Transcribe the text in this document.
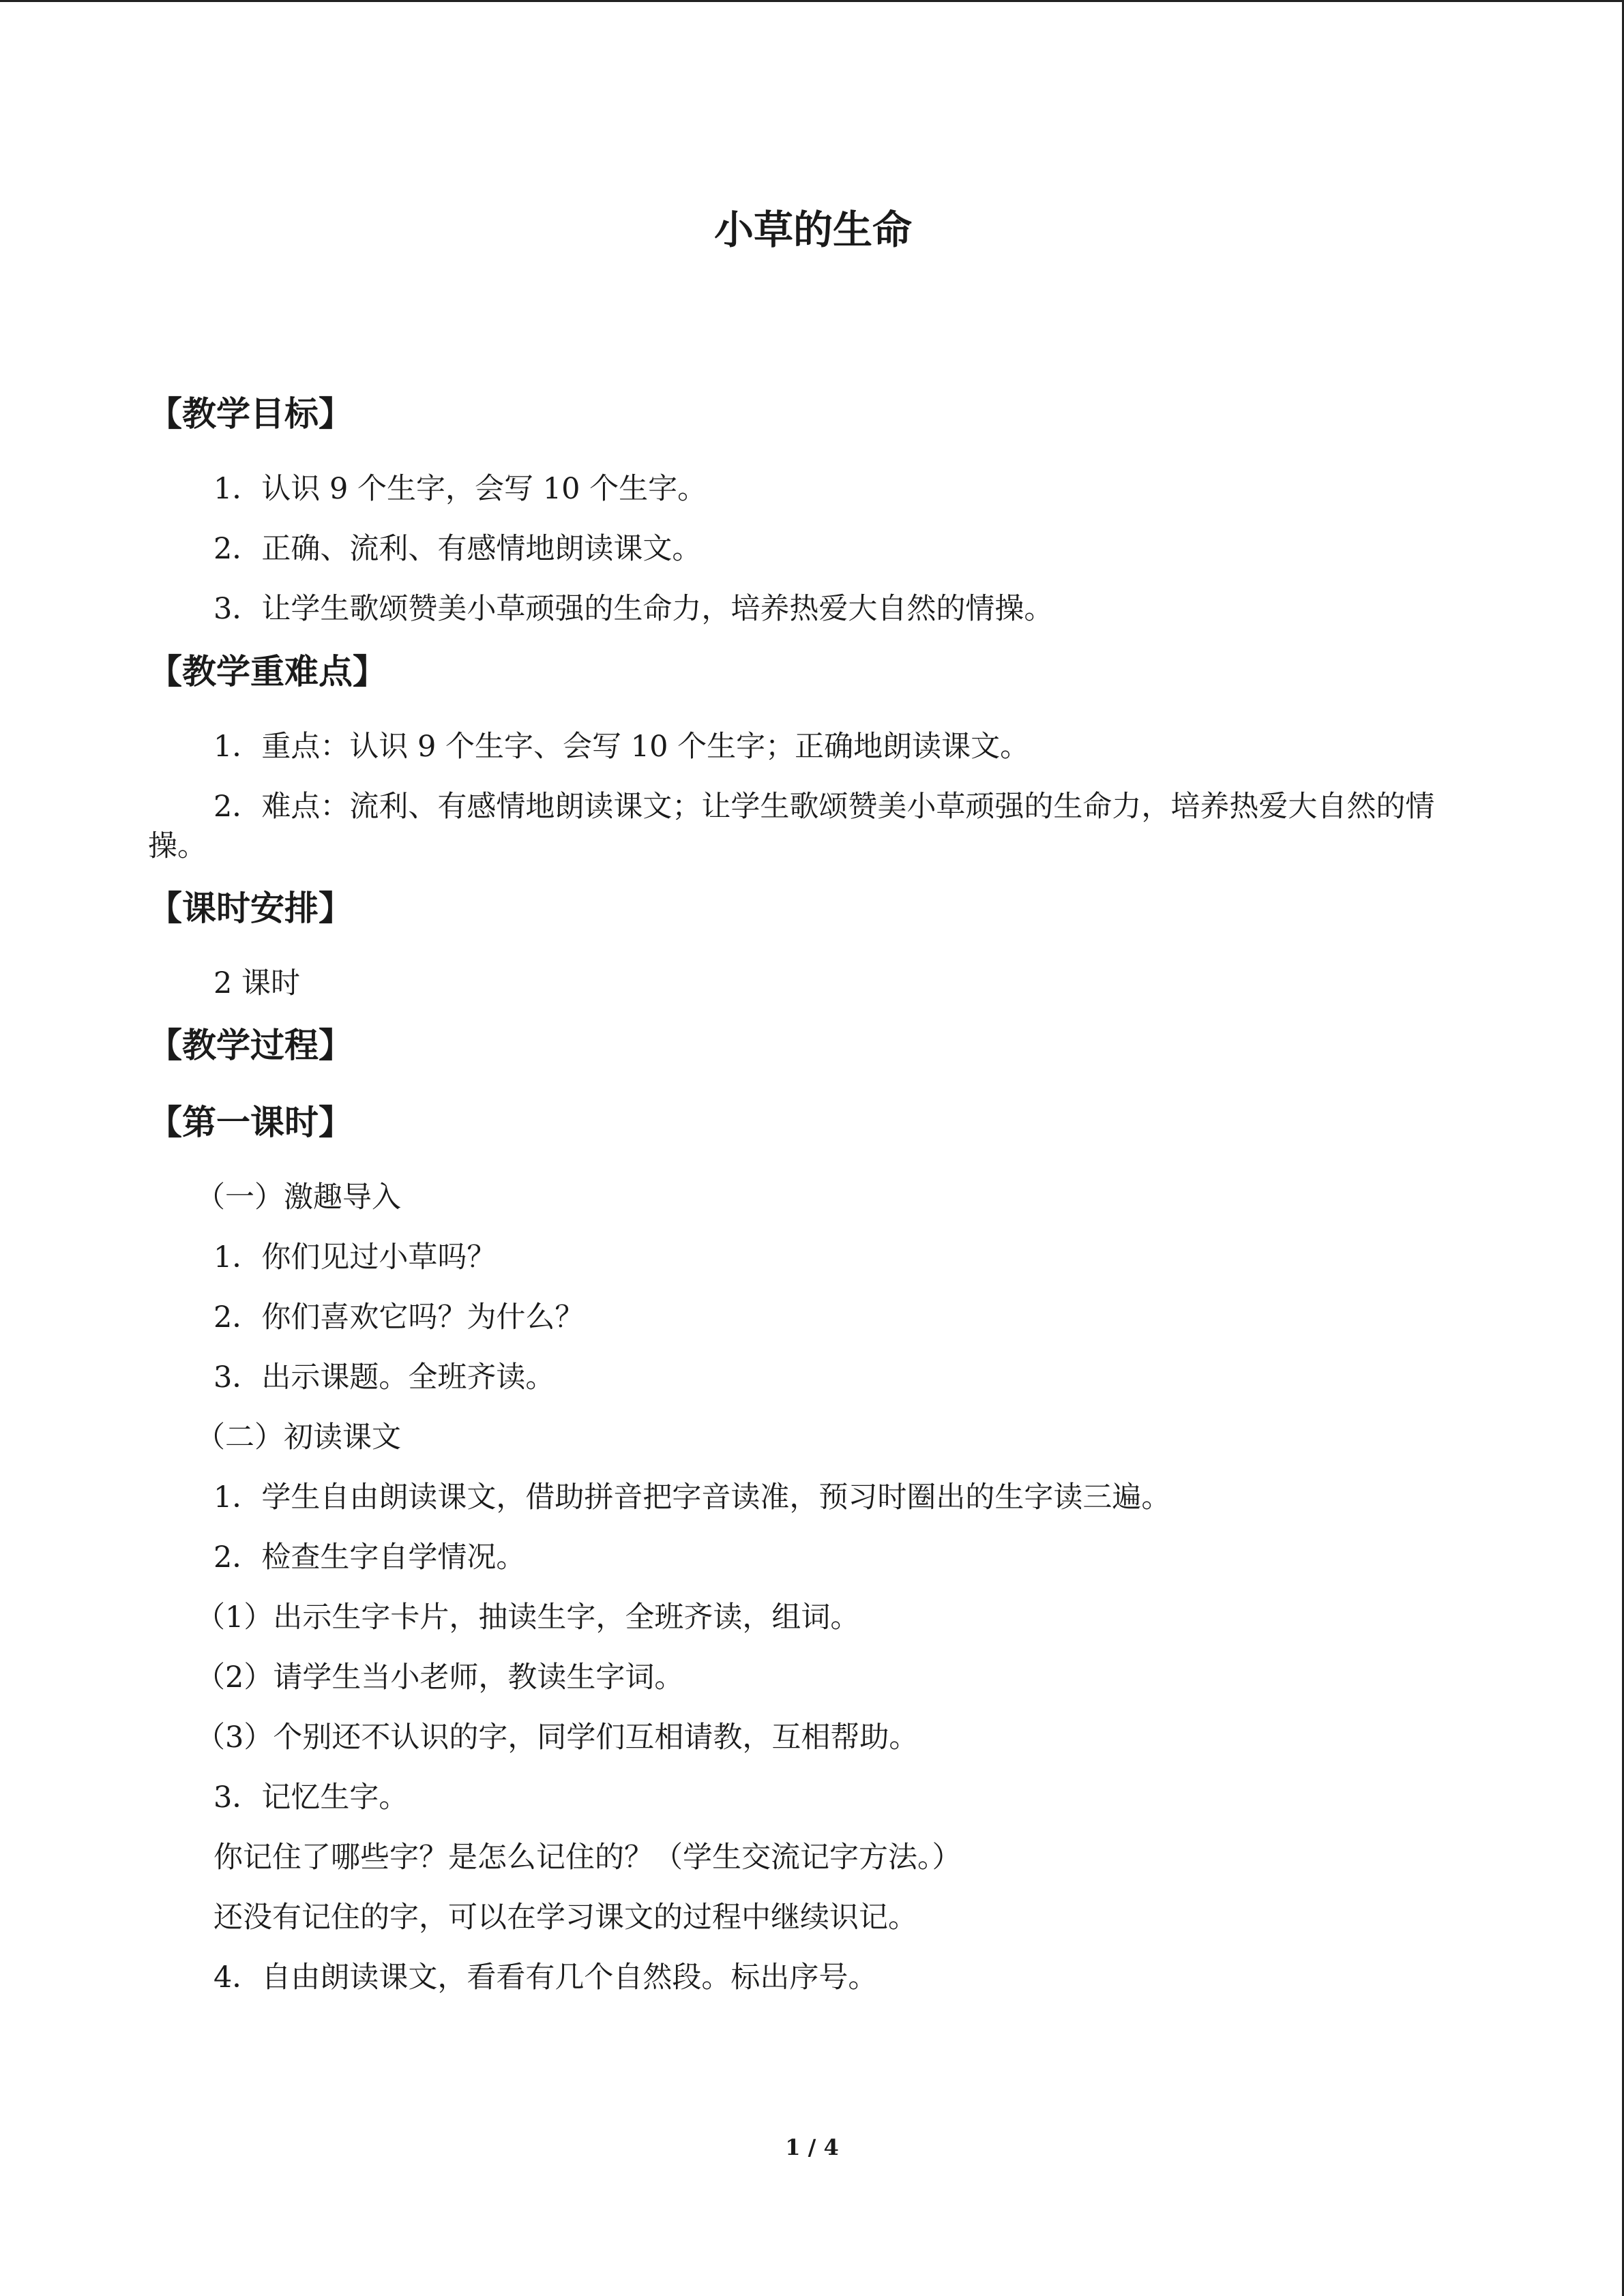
小草的生命
【教学目标】

1．认识 9 个生字，会写 10 个生字。

2．正确、流利、有感情地朗读课文。

3．让学生歌颂赞美小草顽强的生命力，培养热爱大自然的情操。

【教学重难点】

1．重点：认识 9 个生字、会写 10 个生字；正确地朗读课文。

2．难点：流利、有感情地朗读课文；让学生歌颂赞美小草顽强的生命力，培养热爱大自然的情操。

【课时安排】

2 课时

【教学过程】
【第一课时】

（一）激趣导入

1．你们见过小草吗？

2．你们喜欢它吗？为什么？

3．出示课题。全班齐读。

（二）初读课文

1．学生自由朗读课文，借助拼音把字音读准，预习时圈出的生字读三遍。

2．检查生字自学情况。

（1）出示生字卡片，抽读生字，全班齐读，组词。

（2）请学生当小老师，教读生字词。

（3）个别还不认识的字，同学们互相请教，互相帮助。

3．记忆生字。

你记住了哪些字？是怎么记住的？（学生交流记字方法。）

还没有记住的字，可以在学习课文的过程中继续识记。

4．自由朗读课文，看看有几个自然段。标出序号。

1 / 4
